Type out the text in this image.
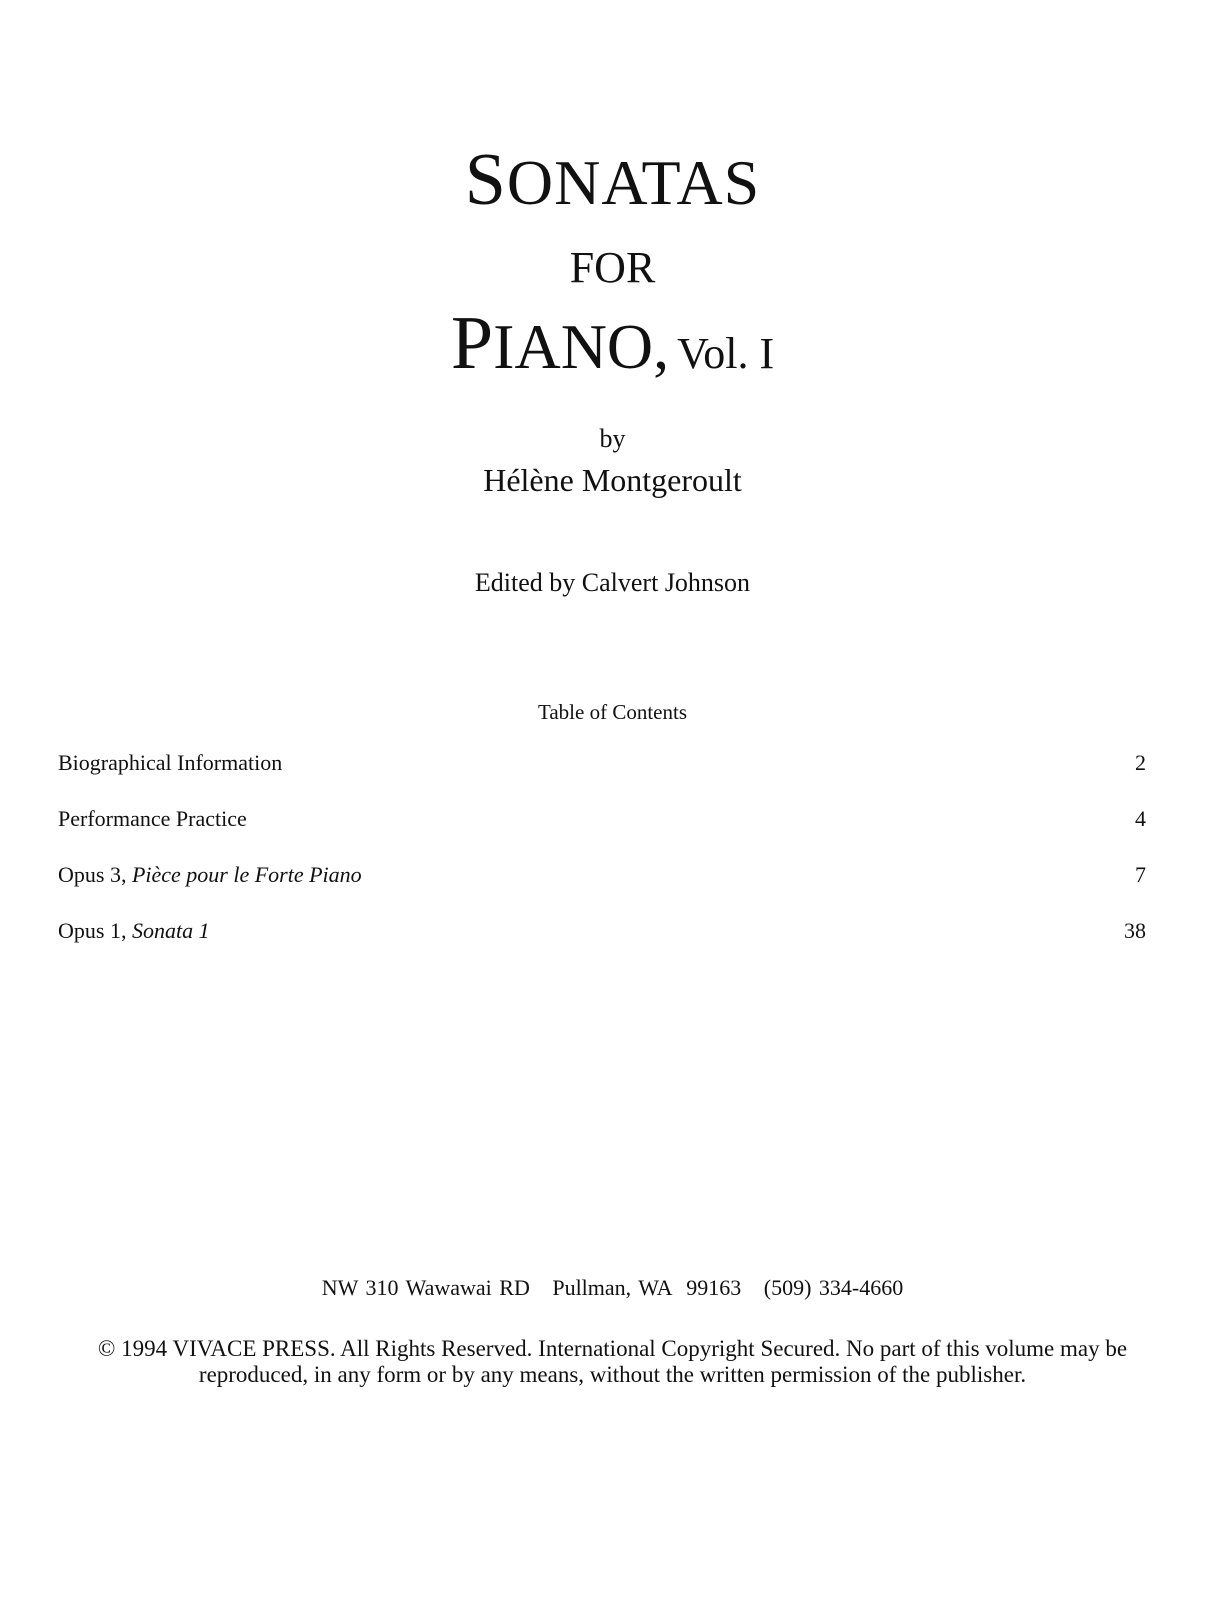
SONATAS
FOR
PIANO, Vol. I
by
Hélène Montgeroult
Edited by Calvert Johnson
Table of Contents
Biographical Information	2
Performance Practice	4
Opus 3, Pièce pour le Forte Piano	7
Opus 1, Sonata 1	38
NW 310 Wawawai RD   Pullman, WA  99163   (509) 334-4660
© 1994 VIVACE PRESS. All Rights Reserved. International Copyright Secured. No part of this volume may be reproduced, in any form or by any means, without the written permission of the publisher.
